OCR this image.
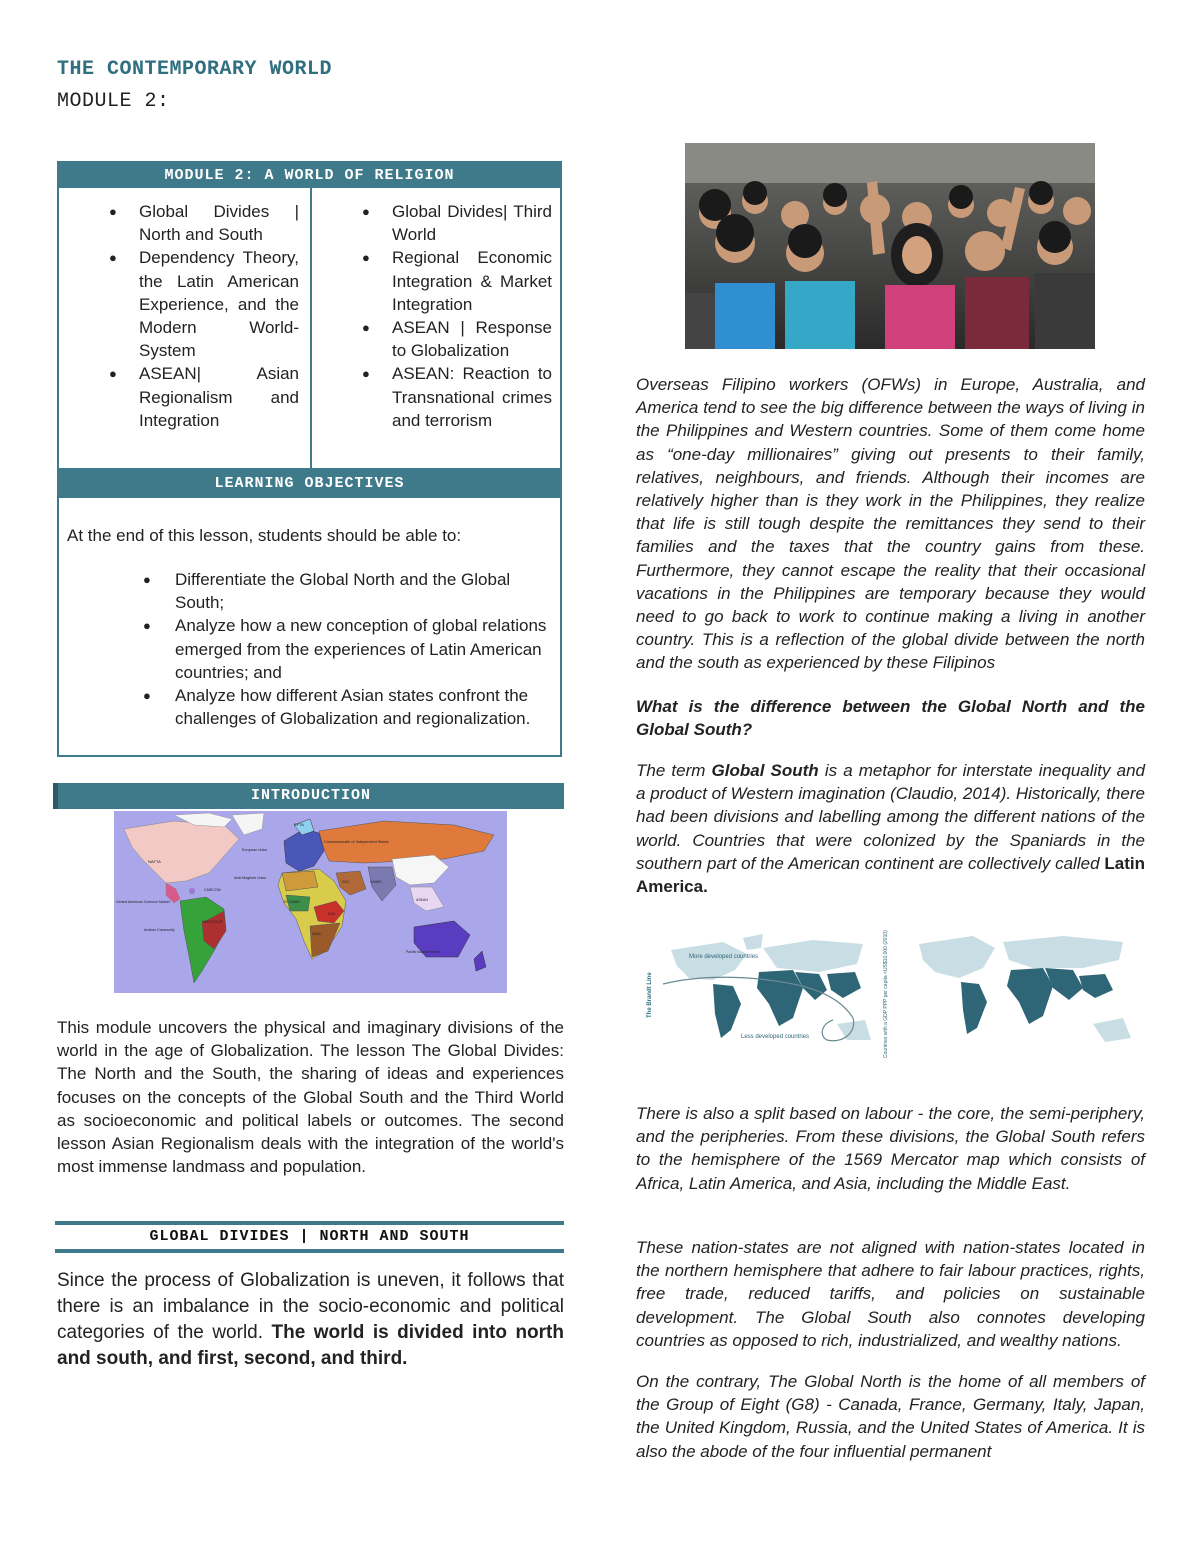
THE CONTEMPORARY WORLD
MODULE 2:
MODULE 2: A WORLD OF RELIGION
● Global Divides | North and South
● Dependency Theory, the Latin American Experience, and the Modern World-System
● ASEAN| Asian Regionalism and Integration
● Global Divides| Third World
● Regional Economic Integration & Market Integration
● ASEAN | Response to Globalization
● ASEAN: Reaction to Transnational crimes and terrorism
LEARNING OBJECTIVES
At the end of this lesson, students should be able to:
● Differentiate the Global North and the Global South;
● Analyze how a new conception of global relations emerged from the experiences of Latin American countries; and
● Analyze how different Asian states confront the challenges of Globalization and regionalization.
INTRODUCTION
NAFTA
EFTA
European Union
Commonwealth of Independent States
Arab Maghreb Union
GCC	SAARC
ASEAN
CARICOM
Central American Common Market
Andean Community
MERCOSUR
ECOWAS
SADC
EAC
Pacific Islands Forum
This module uncovers the physical and imaginary divisions of the world in the age of Globalization. The lesson The Global Divides: The North and the South, the sharing of ideas and experiences focuses on the concepts of the Global South and the Third World as socioeconomic and political labels or outcomes. The second lesson Asian Regionalism deals with the integration of the world's most immense landmass and population.
GLOBAL DIVIDES | NORTH AND SOUTH
Since the process of Globalization is uneven, it follows that there is an imbalance in the socio-economic and political categories of the world. The world is divided into north and south, and first, second, and third.
Overseas Filipino workers (OFWs) in Europe, Australia, and America tend to see the big difference between the ways of living in the Philippines and Western countries. Some of them come home as “one-day millionaires” giving out presents to their family, relatives, neighbours, and friends. Although their incomes are relatively higher than is they work in the Philippines, they realize that life is still tough despite the remittances they send to their families and the taxes that the country gains from these. Furthermore, they cannot escape the reality that their occasional vacations in the Philippines are temporary because they would need to go back to work to continue making a living in another country. This is a reflection of the global divide between the north and the south as experienced by these Filipinos
What is the difference between the Global North and the Global South?
The term Global South is a metaphor for interstate inequality and a product of Western imagination (Claudio, 2014). Historically, there had been divisions and labelling among the different nations of the world. Countries that were colonized by the Spaniards in the southern part of the American continent are collectively called Latin America.
The Brandt Line
More developed countries
Less developed countries	Countries with a GDP PPP per capita <US$10,000 (2010)
There is also a split based on labour - the core, the semi-periphery, and the peripheries. From these divisions, the Global South refers to the hemisphere of the 1569 Mercator map which consists of Africa, Latin America, and Asia, including the Middle East.
These nation-states are not aligned with nation-states located in the northern hemisphere that adhere to fair labour practices, rights, free trade, reduced tariffs, and policies on sustainable development. The Global South also connotes developing countries as opposed to rich, industrialized, and wealthy nations.
On the contrary, The Global North is the home of all members of the Group of Eight (G8) - Canada, France, Germany, Italy, Japan, the United Kingdom, Russia, and the United States of America. It is also the abode of the four influential permanent
